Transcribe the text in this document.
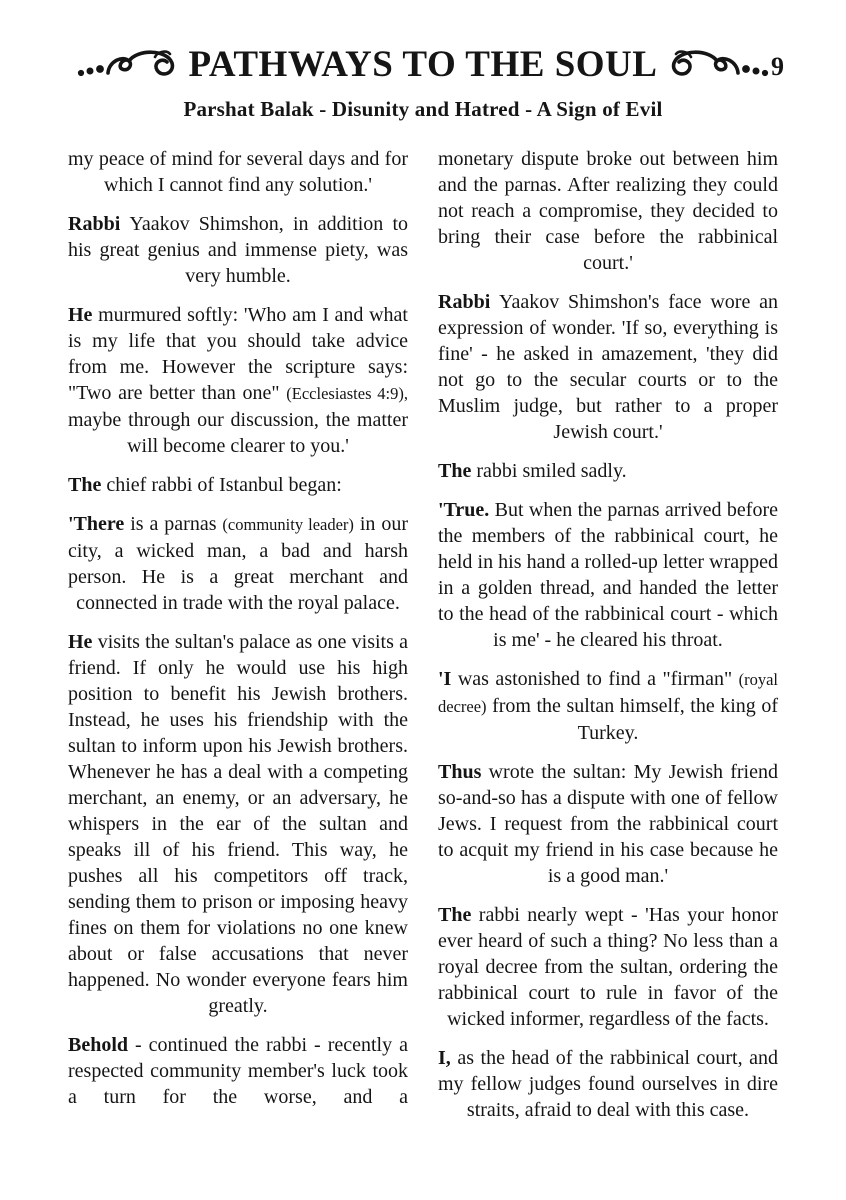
PATHWAYS TO THE SOUL	9
Parshat Balak - Disunity and Hatred - A Sign of Evil

my peace of mind for several days and for which I cannot find any solution.'

Rabbi Yaakov Shimshon, in addition to his great genius and immense piety, was very humble.

He murmured softly: 'Who am I and what is my life that you should take advice from me. However the scripture says: "Two are better than one" (Ecclesiastes 4:9), maybe through our discussion, the matter will become clearer to you.'

The chief rabbi of Istanbul began:

'There is a parnas (community leader) in our city, a wicked man, a bad and harsh person. He is a great merchant and connected in trade with the royal palace.

He visits the sultan's palace as one visits a friend. If only he would use his high position to benefit his Jewish brothers. Instead, he uses his friendship with the sultan to inform upon his Jewish brothers. Whenever he has a deal with a competing merchant, an enemy, or an adversary, he whispers in the ear of the sultan and speaks ill of his friend. This way, he pushes all his competitors off track, sending them to prison or imposing heavy fines on them for violations no one knew about or false accusations that never happened. No wonder everyone fears him greatly.

Behold - continued the rabbi - recently a respected community member's luck took a turn for the worse, and a

monetary dispute broke out between him and the parnas. After realizing they could not reach a compromise, they decided to bring their case before the rabbinical court.'

Rabbi Yaakov Shimshon's face wore an expression of wonder. 'If so, everything is fine' - he asked in amazement, 'they did not go to the secular courts or to the Muslim judge, but rather to a proper Jewish court.'

The rabbi smiled sadly.

'True. But when the parnas arrived before the members of the rabbinical court, he held in his hand a rolled-up letter wrapped in a golden thread, and handed the letter to the head of the rabbinical court - which is me' - he cleared his throat.

'I was astonished to find a "firman" (royal decree) from the sultan himself, the king of Turkey.

Thus wrote the sultan: My Jewish friend so-and-so has a dispute with one of fellow Jews. I request from the rabbinical court to acquit my friend in his case because he is a good man.'

The rabbi nearly wept - 'Has your honor ever heard of such a thing? No less than a royal decree from the sultan, ordering the rabbinical court to rule in favor of the wicked informer, regardless of the facts.

I, as the head of the rabbinical court, and my fellow judges found ourselves in dire straits, afraid to deal with this case.
